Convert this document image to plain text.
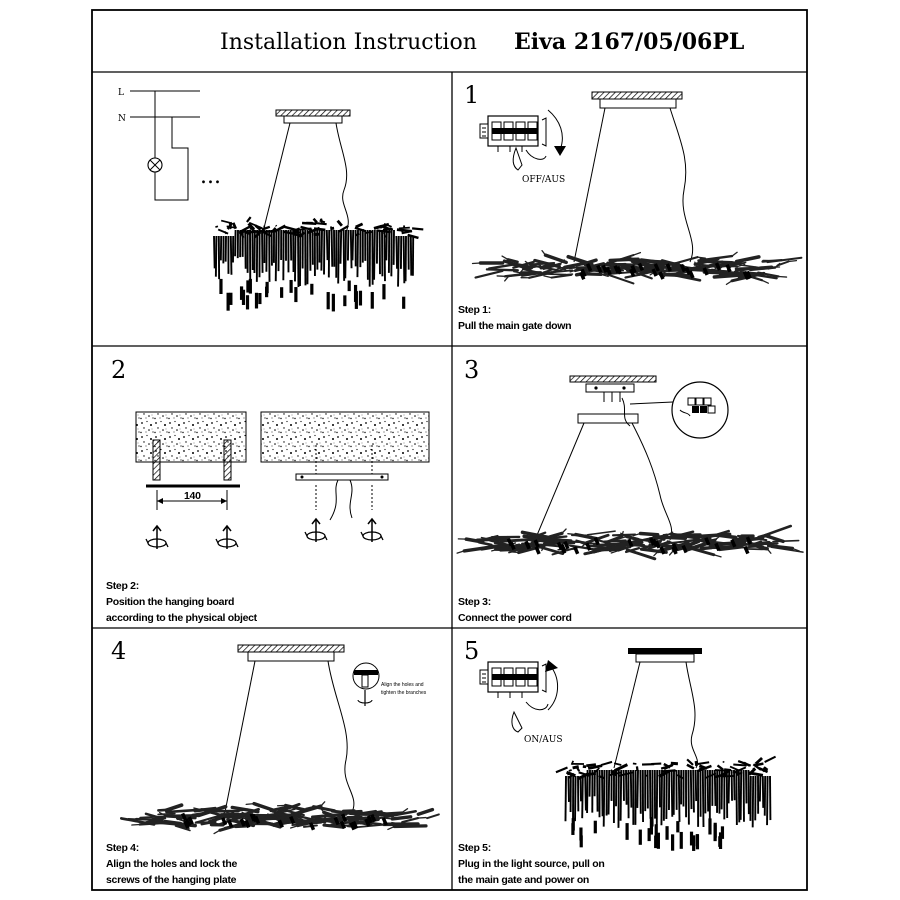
Installation Instruction Eiva 2167/05/06PL
L
N
...
1
OFF/AUS
Step 1:
Pull the main gate down
2
140
Step 2:
Position the hanging board
according to the physical object
3
Step 3:
Connect the power cord
4
Align the holes and
tighten the branches
Step 4:
Align the holes and lock the
screws of the hanging plate
5
ON/AUS
Step 5:
Plug in the light source, pull on
the main gate and power on
